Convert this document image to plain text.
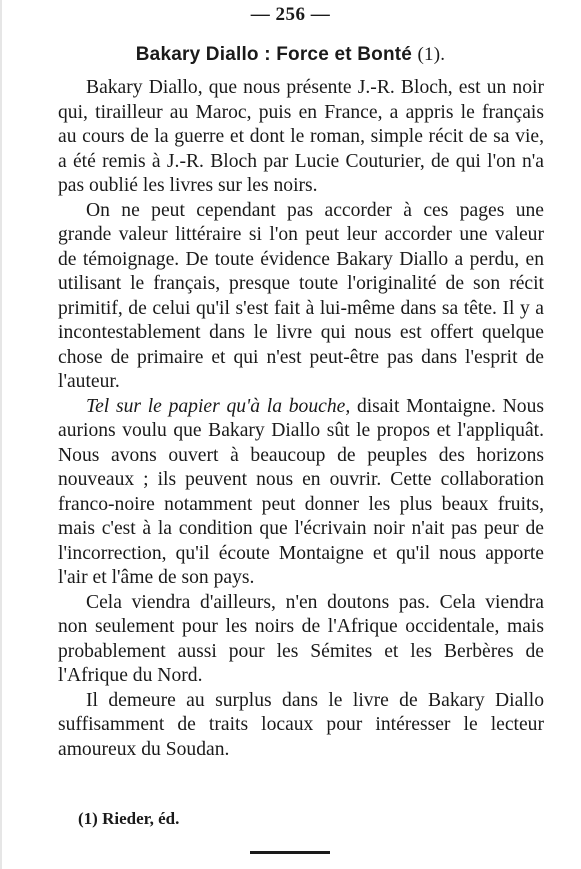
— 256 —
Bakary Diallo : Force et Bonté (1).

Bakary Diallo, que nous présente J.-R. Bloch, est un noir qui, tirailleur au Maroc, puis en France, a appris le français au cours de la guerre et dont le roman, simple récit de sa vie, a été remis à J.-R. Bloch par Lucie Couturier, de qui l'on n'a pas oublié les livres sur les noirs.

On ne peut cependant pas accorder à ces pages une grande valeur littéraire si l'on peut leur accorder une valeur de témoignage. De toute évidence Bakary Diallo a perdu, en utilisant le français, presque toute l'originalité de son récit primitif, de celui qu'il s'est fait à lui-même dans sa tête. Il y a incontestablement dans le livre qui nous est offert quelque chose de primaire et qui n'est peut-être pas dans l'esprit de l'auteur.

Tel sur le papier qu'à la bouche, disait Montaigne. Nous aurions voulu que Bakary Diallo sût le propos et l'appliquât. Nous avons ouvert à beaucoup de peuples des horizons nouveaux ; ils peuvent nous en ouvrir. Cette collaboration franco-noire notamment peut donner les plus beaux fruits, mais c'est à la condition que l'écrivain noir n'ait pas peur de l'incorrection, qu'il écoute Montaigne et qu'il nous apporte l'air et l'âme de son pays.

Cela viendra d'ailleurs, n'en doutons pas. Cela viendra non seulement pour les noirs de l'Afrique occidentale, mais probablement aussi pour les Sémites et les Berbères de l'Afrique du Nord.

Il demeure au surplus dans le livre de Bakary Diallo suffisamment de traits locaux pour intéresser le lecteur amoureux du Soudan.

(1) Rieder, éd.
